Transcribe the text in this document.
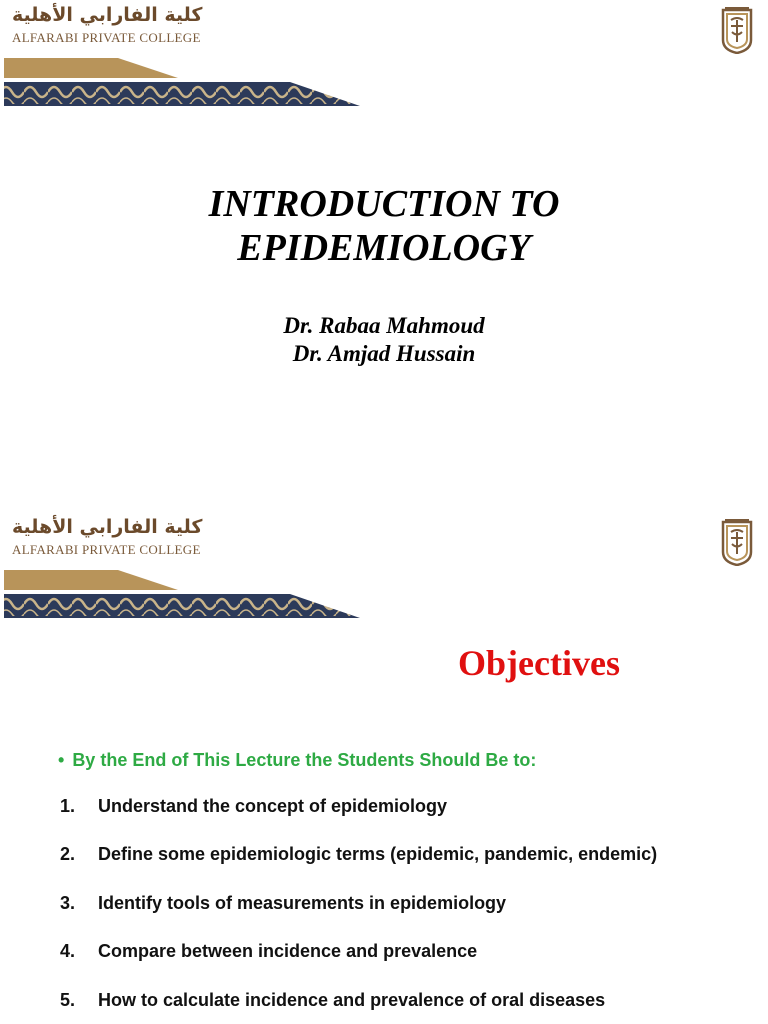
كلية الفارابي الأهلية
ALFARABI PRIVATE COLLEGE
INTRODUCTION TO
EPIDEMIOLOGY
Dr. Rabaa Mahmoud
Dr. Amjad Hussain
كلية الفارابي الأهلية
ALFARABI PRIVATE COLLEGE
Objectives
• By the End of This Lecture the Students Should Be to:
1. Understand the concept of epidemiology
2. Define some epidemiologic terms (epidemic, pandemic, endemic)
3. Identify tools of measurements in epidemiology
4. Compare between incidence and prevalence
5. How to calculate incidence and prevalence of oral diseases
